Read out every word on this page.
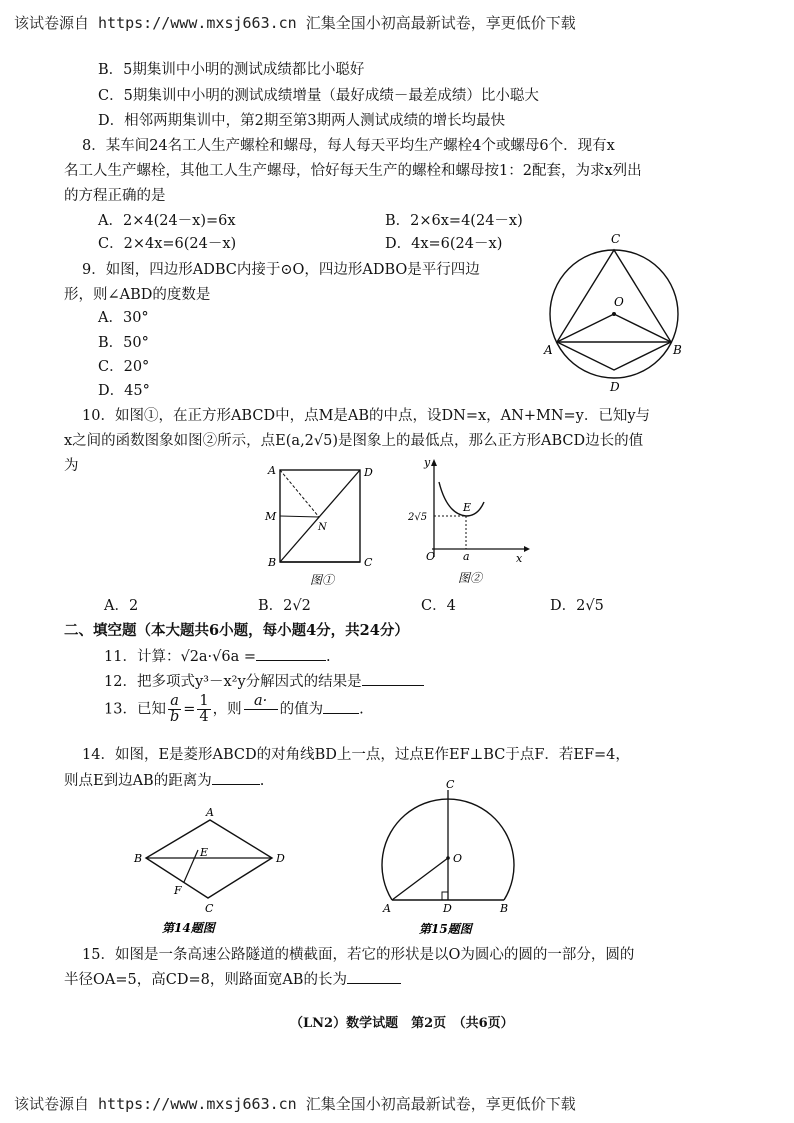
该试卷源自 https://www.mxsj663.cn 汇集全国小初高最新试卷，享更低价下载
B．5期集训中小明的测试成绩都比小聪好
C．5期集训中小明的测试成绩增量（最好成绩－最差成绩）比小聪大
D．相邻两期集训中，第2期至第3期两人测试成绩的增长均最快
8．某车间24名工人生产螺栓和螺母，每人每天平均生产螺栓4个或螺母6个．现有x
名工人生产螺栓，其他工人生产螺母，恰好每天生产的螺栓和螺母按1：2配套，为求x列出
的方程正确的是
A．2×4(24－x)=6x	B．2×6x=4(24－x)
C．2×4x=6(24－x)	D．4x=6(24－x)
9．如图，四边形ADBC内接于⊙O，四边形ADBO是平行四边
形，则∠ABD的度数是
A．30°
B．50°
C．20°
D．45°
C
O
A	B
D
10．如图①，在正方形ABCD中，点M是AB的中点，设DN=x，AN+MN=y．已知y与
x之间的函数图象如图②所示，点E(a,2√5)是图象上的最低点，那么正方形ABCD边长的值
为	A	D
M
N
B	C
图①
y
E
2√5
O	a	x
图②
A．2	B．2√2	C．4	D．2√5
二、填空题（本大题共6小题，每小题4分，共24分）
11．计算：√2a·√6a =	.
12．把多项式y³－x²y分解因式的结果是
13．已知 $\frac{a}{b} = \frac{1}{4}$ ，则
a·

的值为 .
14．如图，E是菱形ABCD的对角线BD上一点，过点E作EF⊥BC于点F．若EF=4，
则点E到边AB的距离为	.
A
B	E	D
F
C
第14题图
C
O
A	D	B
第15题图
15．如图是一条高速公路隧道的横截面，若它的形状是以O为圆心的圆的一部分，圆的
半径OA=5，高CD=8，则路面宽AB的长为
（LN2）数学试题　第2页　（共6页）
该试卷源自 https://www.mxsj663.cn 汇集全国小初高最新试卷，享更低价下载
